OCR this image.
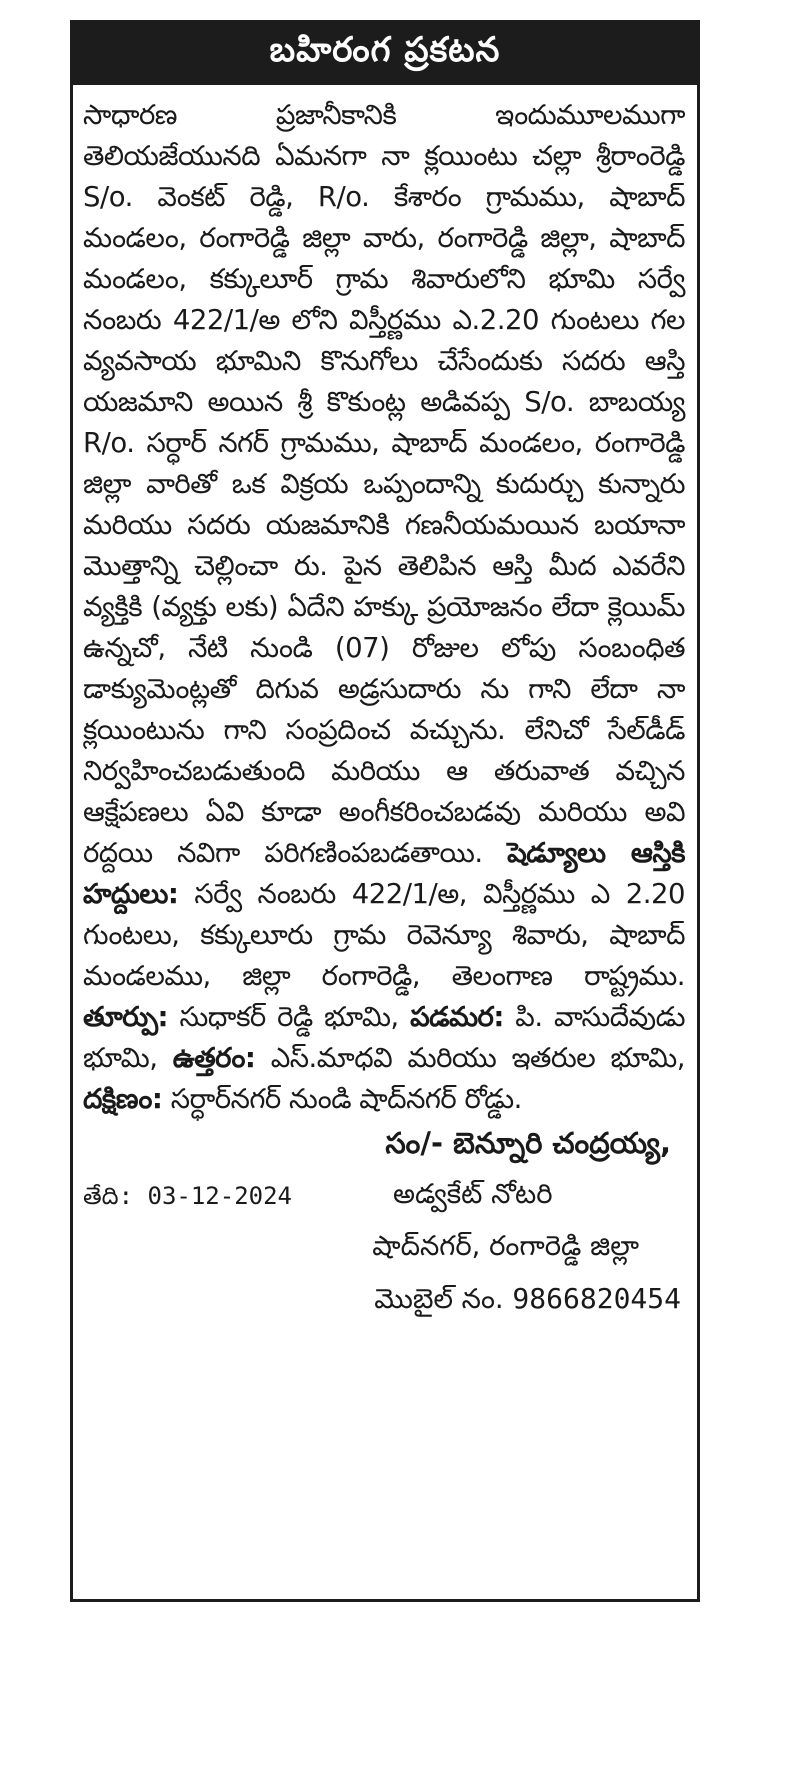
బహిరంగ ప్రకటన
సాధారణ ప్రజానీకానికి ఇందుమూలముగా తెలియజేయునది ఏమనగా నా క్లయింటు చల్లా శ్రీరాంరెడ్డి S/o. వెంకట్ రెడ్డి, R/o. కేశారం గ్రామము, షాబాద్ మండలం, రంగారెడ్డి జిల్లా వారు, రంగారెడ్డి జిల్లా, షాబాద్ మండలం, కక్కులూర్ గ్రామ శివారులోని భూమి సర్వే నంబరు 422/1/అ లోని విస్తీర్ణము ఎ.2.20 గుంటలు గల వ్యవసాయ భూమిని కొనుగోలు చేసేందుకు సదరు ఆస్తి యజమాని అయిన శ్రీ కొకుంట్ల అడివప్ప S/o. బాబయ్య R/o. సర్ధార్ నగర్ గ్రామము, షాబాద్ మండలం, రంగారెడ్డి జిల్లా వారితో ఒక విక్రయ ఒప్పందాన్ని కుదుర్చు కున్నారు మరియు సదరు యజమానికి గణనీయమయిన బయానా మొత్తాన్ని చెల్లించా రు. పైన తెలిపిన ఆస్తి మీద ఎవరేని వ్యక్తికి (వ్యక్తు లకు) ఏదేని హక్కు ప్రయోజనం లేదా క్లెయిమ్ ఉన్నచో, నేటి నుండి (07) రోజుల లోపు సంబంధిత డాక్యుమెంట్లతో దిగువ అడ్రసుదారు ను గాని లేదా నా క్లయింటును గాని సంప్రదించ వచ్చును. లేనిచో సేల్‌డీడ్ నిర్వహించబడుతుంది మరియు ఆ తరువాత వచ్చిన ఆక్షేపణలు ఏవి కూడా అంగీకరించబడవు మరియు అవి రద్దయి నవిగా పరిగణింపబడతాయి. షెడ్యూలు ఆస్తికి హద్దులు: సర్వే నంబరు 422/1/అ, విస్తీర్ణము ఎ 2.20 గుంటలు, కక్కులూరు గ్రామ రెవెన్యూ శివారు, షాబాద్ మండలము, జిల్లా రంగారెడ్డి, తెలంగాణ రాష్ట్రము. తూర్పు: సుధాకర్ రెడ్డి భూమి, పడమర: పి. వాసుదేవుడు భూమి, ఉత్తరం: ఎస్.మాధవి మరియు ఇతరుల భూమి, దక్షిణం: సర్ధార్‌నగర్ నుండి షాద్‌నగర్ రోడ్డు.
సం/- బెన్నూరి చంద్రయ్య,
తేది: 03-12-2024	అడ్వకేట్ నోటరి
షాద్‌నగర్, రంగారెడ్డి జిల్లా
మొబైల్ నం. 9866820454
